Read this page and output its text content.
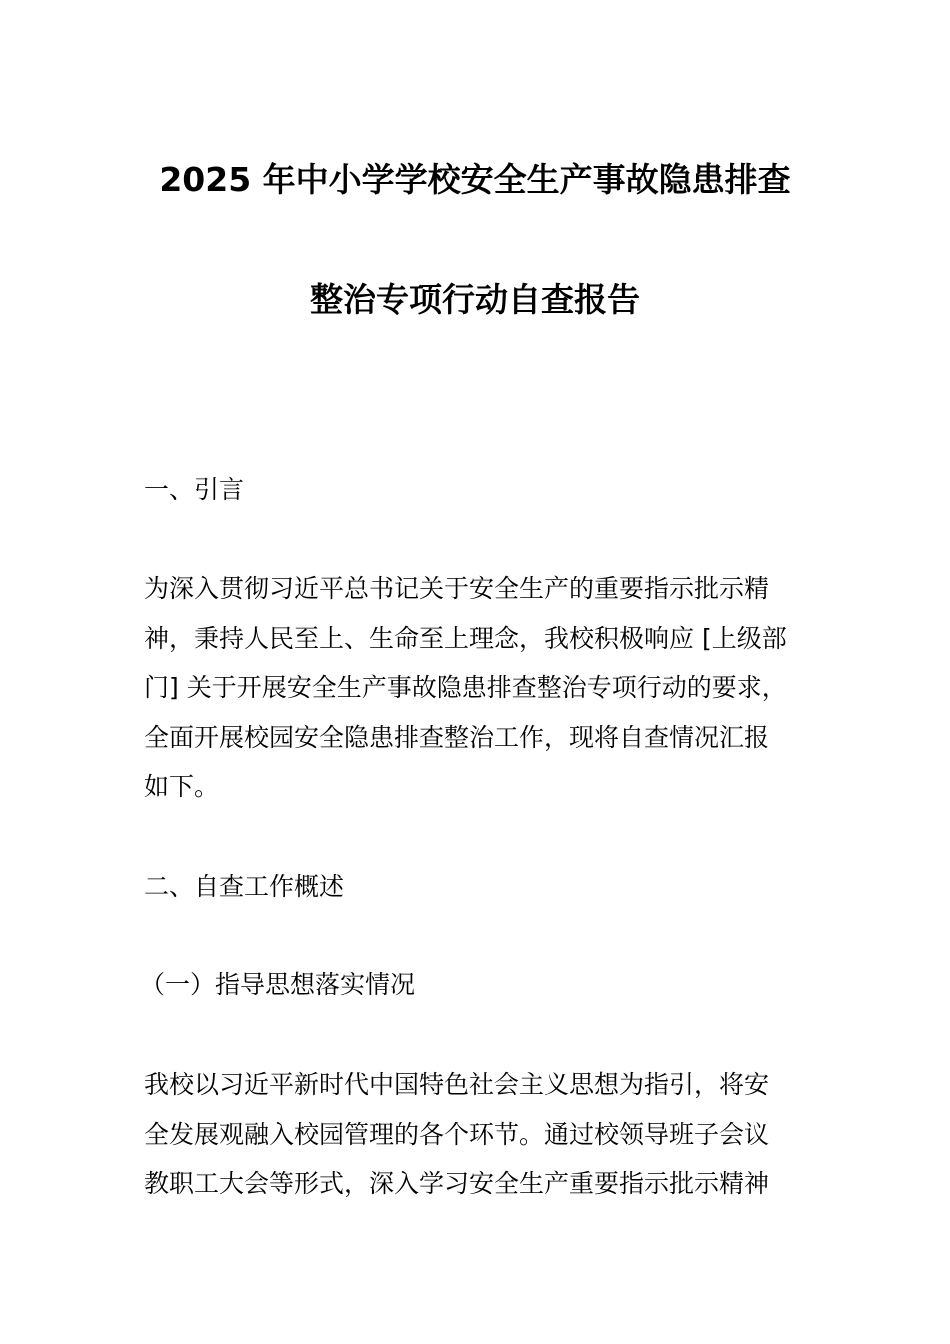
2025 年中小学学校安全生产事故隐患排查
整治专项行动自查报告
一、引言
为深入贯彻习近平总书记关于安全生产的重要指示批示精
神，秉持人民至上、生命至上理念，我校积极响应 [上级部
门] 关于开展安全生产事故隐患排查整治专项行动的要求，
全面开展校园安全隐患排查整治工作，现将自查情况汇报
如下。
二、自查工作概述
（一）指导思想落实情况
我校以习近平新时代中国特色社会主义思想为指引，将安
全发展观融入校园管理的各个环节。通过校领导班子会议
教职工大会等形式，深入学习安全生产重要指示批示精神
